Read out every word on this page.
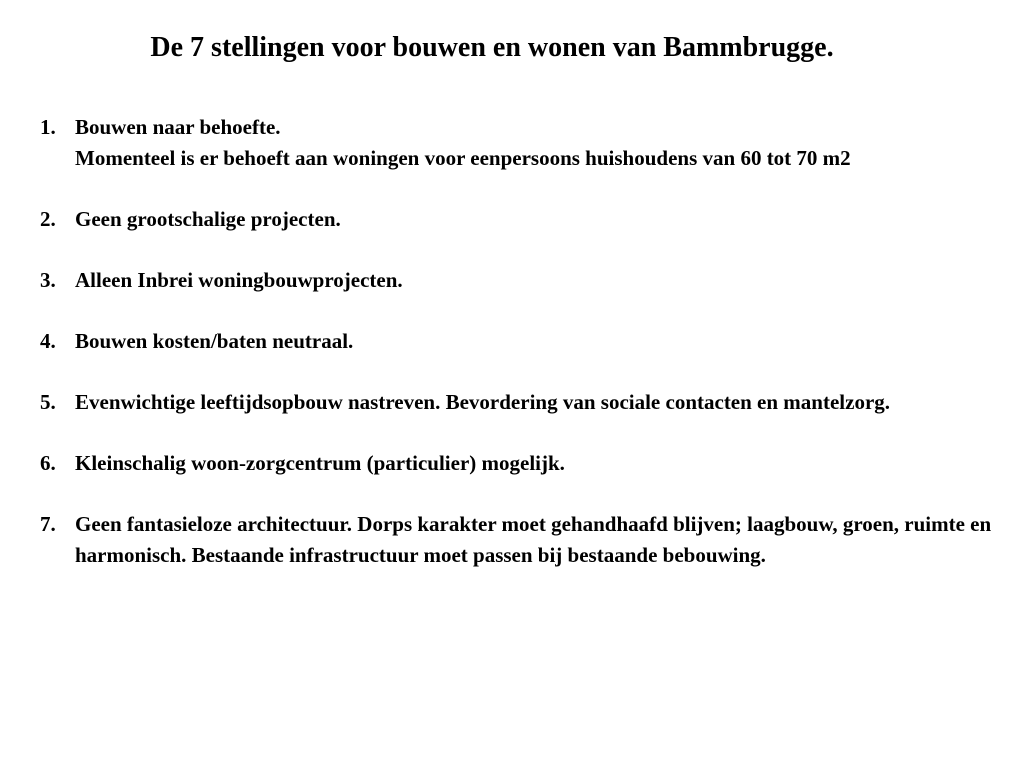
De 7 stellingen voor bouwen en wonen van Bammbrugge.
1. Bouwen naar behoefte.
Momenteel is er behoeft aan woningen voor eenpersoons huishoudens van 60 tot 70 m2
2. Geen grootschalige projecten.
3. Alleen Inbrei woningbouwprojecten.
4. Bouwen kosten/baten neutraal.
5. Evenwichtige leeftijdsopbouw nastreven. Bevordering van sociale contacten en mantelzorg.
6. Kleinschalig woon-zorgcentrum (particulier) mogelijk.
7. Geen fantasieloze architectuur. Dorps karakter moet gehandhaafd blijven; laagbouw, groen, ruimte en harmonisch. Bestaande infrastructuur moet passen bij bestaande bebouwing.
